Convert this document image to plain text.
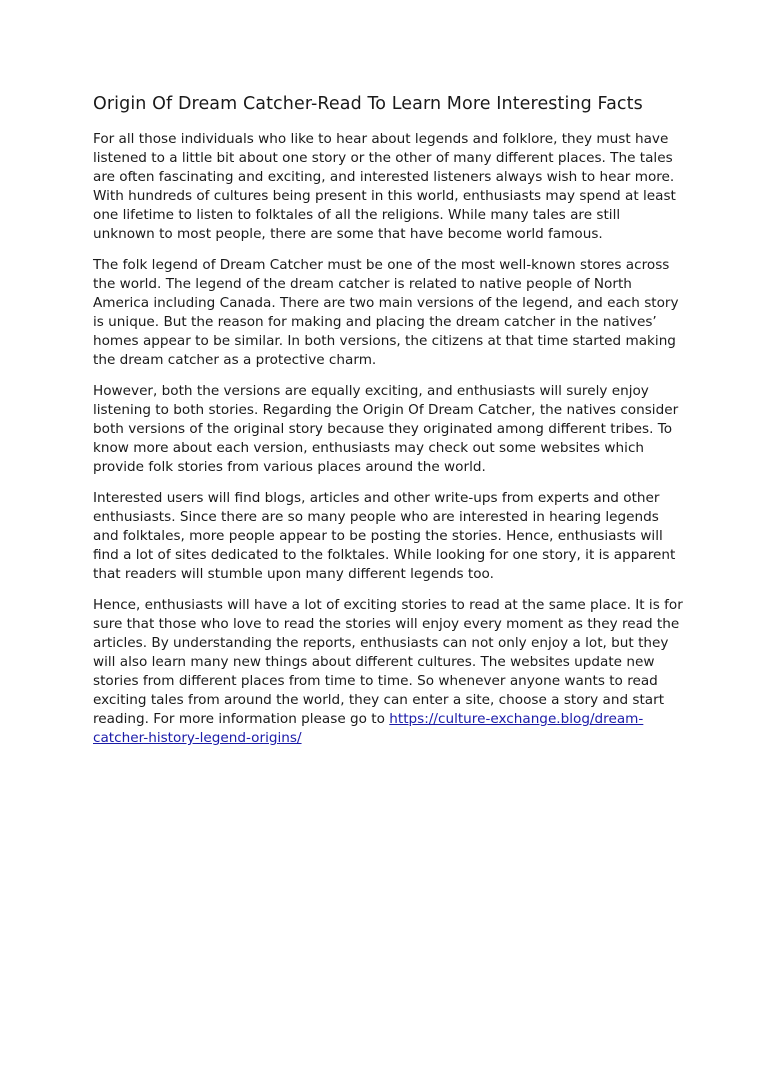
Origin Of Dream Catcher-Read To Learn More Interesting Facts

For all those individuals who like to hear about legends and folklore, they must have listened to a little bit about one story or the other of many different places. The tales are often fascinating and exciting, and interested listeners always wish to hear more. With hundreds of cultures being present in this world, enthusiasts may spend at least one lifetime to listen to folktales of all the religions. While many tales are still unknown to most people, there are some that have become world famous.

The folk legend of Dream Catcher must be one of the most well-known stores across the world. The legend of the dream catcher is related to native people of North America including Canada. There are two main versions of the legend, and each story is unique. But the reason for making and placing the dream catcher in the natives’ homes appear to be similar. In both versions, the citizens at that time started making the dream catcher as a protective charm.

However, both the versions are equally exciting, and enthusiasts will surely enjoy listening to both stories. Regarding the Origin Of Dream Catcher, the natives consider both versions of the original story because they originated among different tribes. To know more about each version, enthusiasts may check out some websites which provide folk stories from various places around the world.

Interested users will find blogs, articles and other write-ups from experts and other enthusiasts. Since there are so many people who are interested in hearing legends and folktales, more people appear to be posting the stories. Hence, enthusiasts will find a lot of sites dedicated to the folktales. While looking for one story, it is apparent that readers will stumble upon many different legends too.

Hence, enthusiasts will have a lot of exciting stories to read at the same place. It is for sure that those who love to read the stories will enjoy every moment as they read the articles. By understanding the reports, enthusiasts can not only enjoy a lot, but they will also learn many new things about different cultures. The websites update new stories from different places from time to time. So whenever anyone wants to read exciting tales from around the world, they can enter a site, choose a story and start reading. For more information please go to https://culture-exchange.blog/dream-catcher-history-legend-origins/
